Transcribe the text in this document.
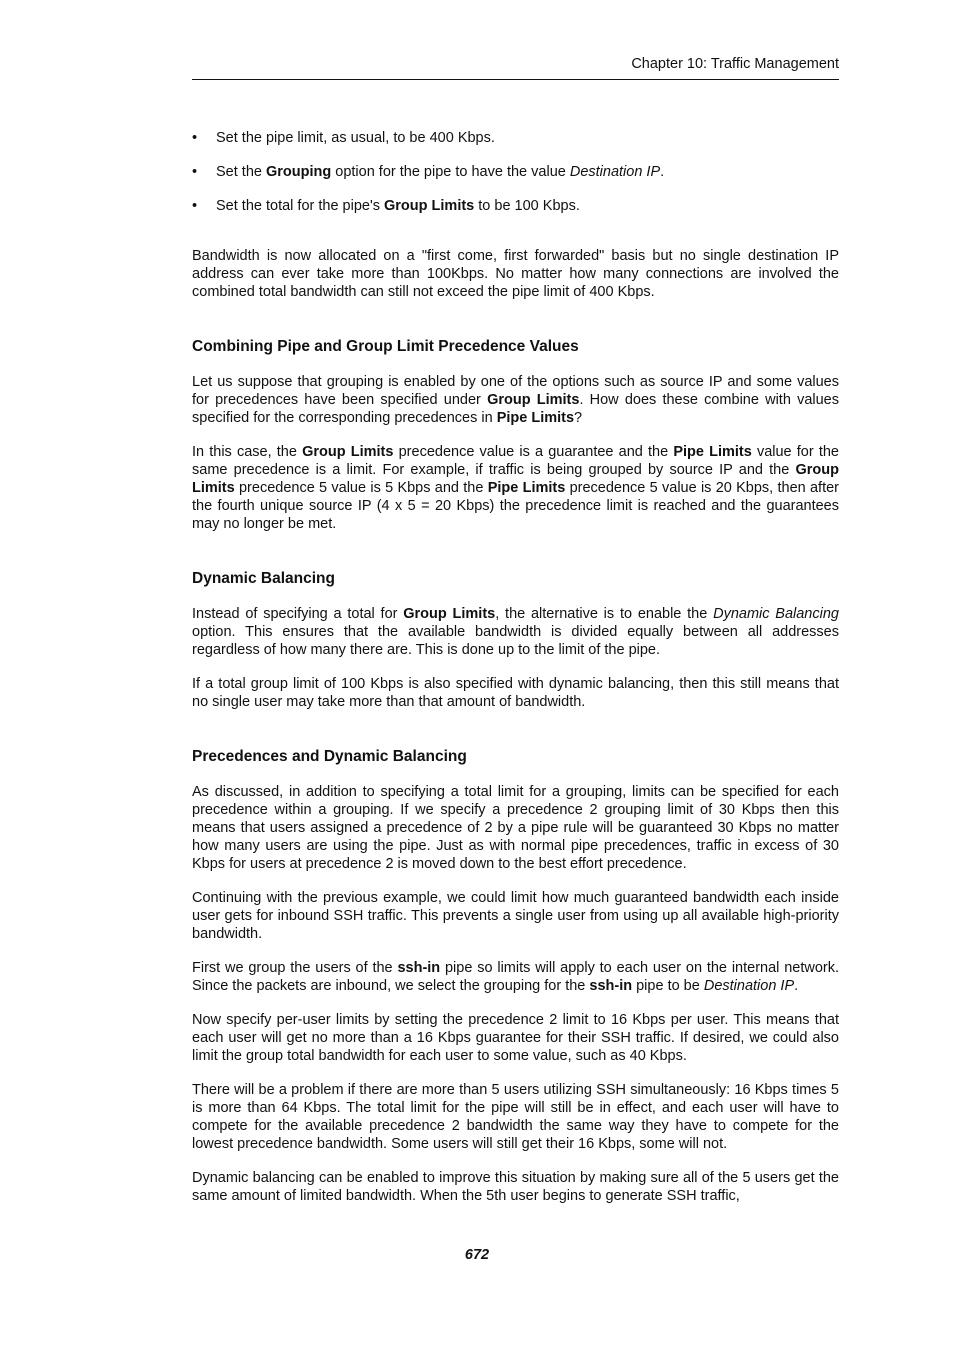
Chapter 10: Traffic Management
• Set the pipe limit, as usual, to be 400 Kbps.
• Set the Grouping option for the pipe to have the value Destination IP.
• Set the total for the pipe's Group Limits to be 100 Kbps.

Bandwidth is now allocated on a "first come, first forwarded" basis but no single destination IP address can ever take more than 100Kbps. No matter how many connections are involved the combined total bandwidth can still not exceed the pipe limit of 400 Kbps.

Combining Pipe and Group Limit Precedence Values

Let us suppose that grouping is enabled by one of the options such as source IP and some values for precedences have been specified under Group Limits. How does these combine with values specified for the corresponding precedences in Pipe Limits?

In this case, the Group Limits precedence value is a guarantee and the Pipe Limits value for the same precedence is a limit. For example, if traffic is being grouped by source IP and the Group Limits precedence 5 value is 5 Kbps and the Pipe Limits precedence 5 value is 20 Kbps, then after the fourth unique source IP (4 x 5 = 20 Kbps) the precedence limit is reached and the guarantees may no longer be met.

Dynamic Balancing

Instead of specifying a total for Group Limits, the alternative is to enable the Dynamic Balancing option. This ensures that the available bandwidth is divided equally between all addresses regardless of how many there are. This is done up to the limit of the pipe.

If a total group limit of 100 Kbps is also specified with dynamic balancing, then this still means that no single user may take more than that amount of bandwidth.

Precedences and Dynamic Balancing

As discussed, in addition to specifying a total limit for a grouping, limits can be specified for each precedence within a grouping. If we specify a precedence 2 grouping limit of 30 Kbps then this means that users assigned a precedence of 2 by a pipe rule will be guaranteed 30 Kbps no matter how many users are using the pipe. Just as with normal pipe precedences, traffic in excess of 30 Kbps for users at precedence 2 is moved down to the best effort precedence.

Continuing with the previous example, we could limit how much guaranteed bandwidth each inside user gets for inbound SSH traffic. This prevents a single user from using up all available high-priority bandwidth.

First we group the users of the ssh-in pipe so limits will apply to each user on the internal network. Since the packets are inbound, we select the grouping for the ssh-in pipe to be Destination IP.

Now specify per-user limits by setting the precedence 2 limit to 16 Kbps per user. This means that each user will get no more than a 16 Kbps guarantee for their SSH traffic. If desired, we could also limit the group total bandwidth for each user to some value, such as 40 Kbps.

There will be a problem if there are more than 5 users utilizing SSH simultaneously: 16 Kbps times 5 is more than 64 Kbps. The total limit for the pipe will still be in effect, and each user will have to compete for the available precedence 2 bandwidth the same way they have to compete for the lowest precedence bandwidth. Some users will still get their 16 Kbps, some will not.

Dynamic balancing can be enabled to improve this situation by making sure all of the 5 users get the same amount of limited bandwidth. When the 5th user begins to generate SSH traffic,

672
